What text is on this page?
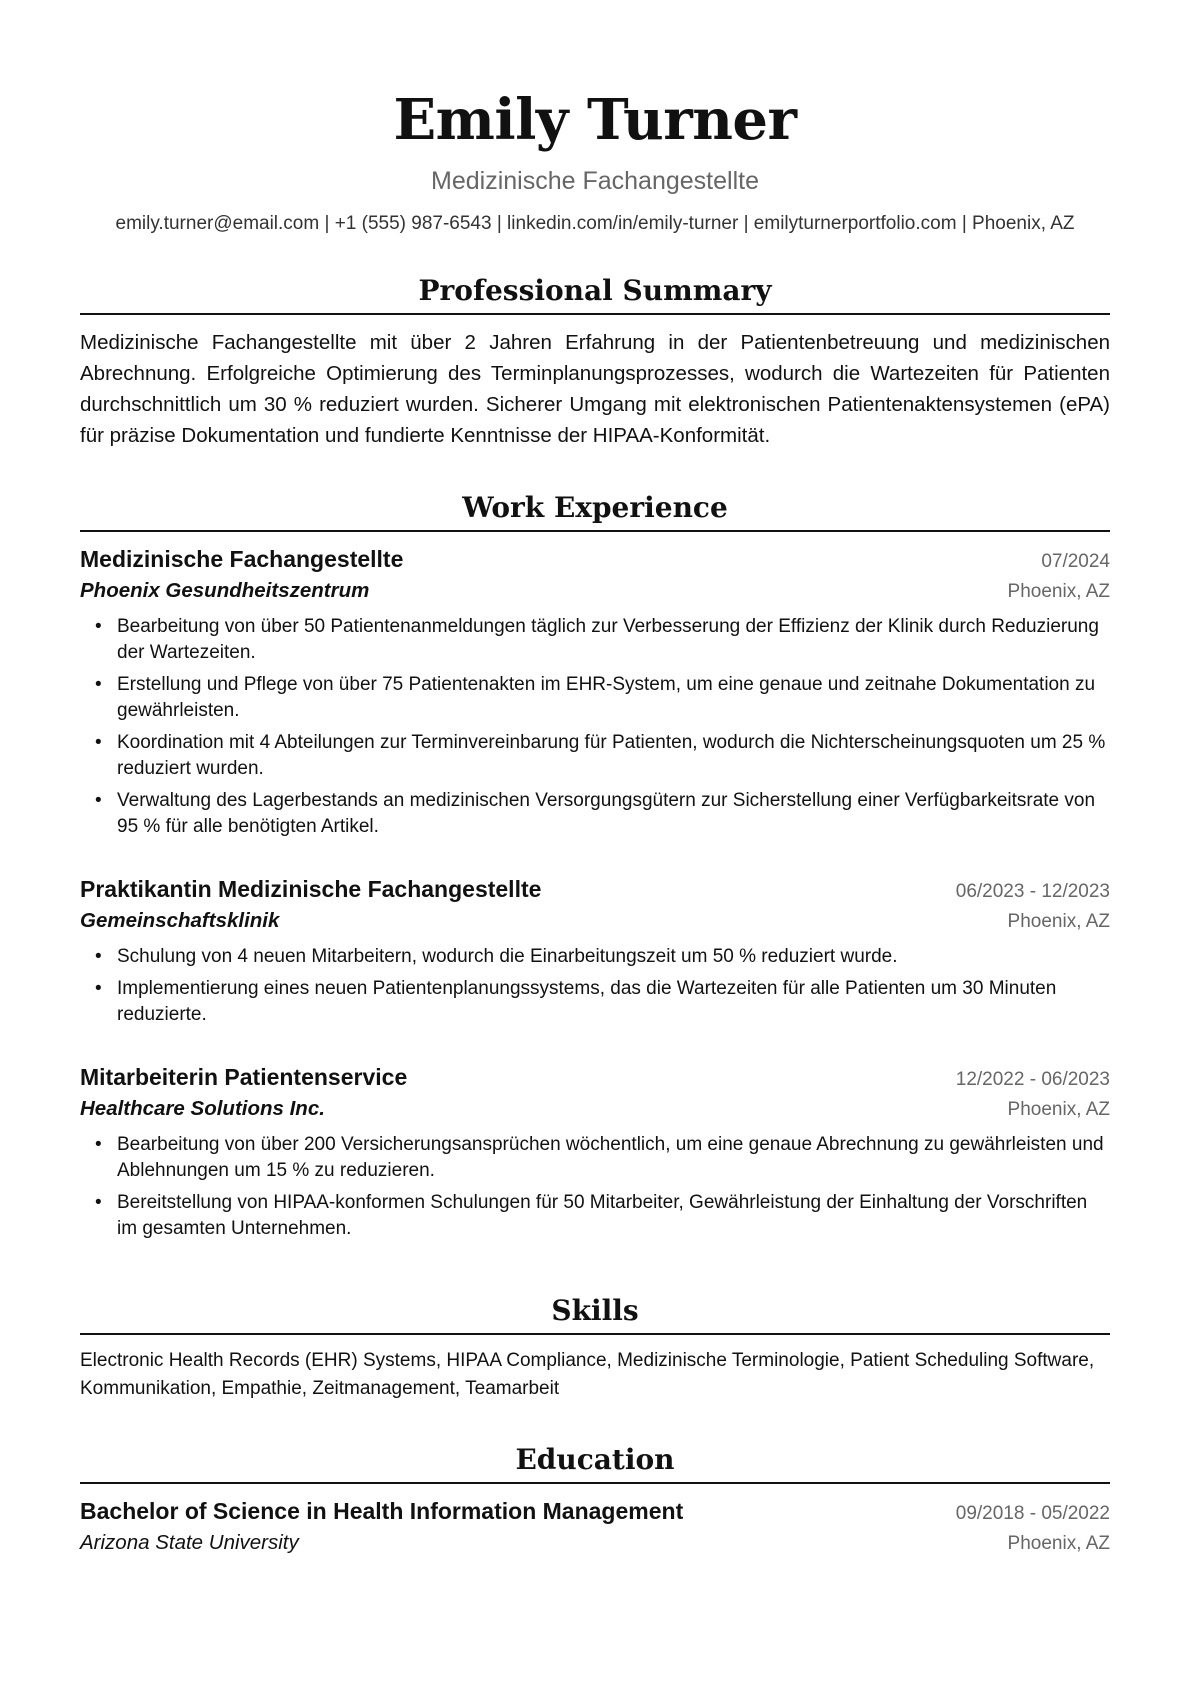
Emily Turner
Medizinische Fachangestellte
emily.turner@email.com | +1 (555) 987-6543 | linkedin.com/in/emily-turner | emilyturnerportfolio.com | Phoenix, AZ
Professional Summary
Medizinische Fachangestellte mit über 2 Jahren Erfahrung in der Patientenbetreuung und medizinischen Abrechnung. Erfolgreiche Optimierung des Terminplanungsprozesses, wodurch die Wartezeiten für Patienten durchschnittlich um 30 % reduziert wurden. Sicherer Umgang mit elektronischen Patientenaktensystemen (ePA) für präzise Dokumentation und fundierte Kenntnisse der HIPAA-Konformität.
Work Experience
Medizinische Fachangestellte	07/2024
Phoenix Gesundheitszentrum	Phoenix, AZ
• Bearbeitung von über 50 Patientenanmeldungen täglich zur Verbesserung der Effizienz der Klinik durch Reduzierung der Wartezeiten.
• Erstellung und Pflege von über 75 Patientenakten im EHR-System, um eine genaue und zeitnahe Dokumentation zu gewährleisten.
• Koordination mit 4 Abteilungen zur Terminvereinbarung für Patienten, wodurch die Nichterscheinungsquoten um 25 % reduziert wurden.
• Verwaltung des Lagerbestands an medizinischen Versorgungsgütern zur Sicherstellung einer Verfügbarkeitsrate von 95 % für alle benötigten Artikel.
Praktikantin Medizinische Fachangestellte	06/2023 - 12/2023
Gemeinschaftsklinik	Phoenix, AZ
• Schulung von 4 neuen Mitarbeitern, wodurch die Einarbeitungszeit um 50 % reduziert wurde.
• Implementierung eines neuen Patientenplanungssystems, das die Wartezeiten für alle Patienten um 30 Minuten reduzierte.
Mitarbeiterin Patientenservice	12/2022 - 06/2023
Healthcare Solutions Inc.	Phoenix, AZ
• Bearbeitung von über 200 Versicherungsansprüchen wöchentlich, um eine genaue Abrechnung zu gewährleisten und Ablehnungen um 15 % zu reduzieren.
• Bereitstellung von HIPAA-konformen Schulungen für 50 Mitarbeiter, Gewährleistung der Einhaltung der Vorschriften im gesamten Unternehmen.
Skills
Electronic Health Records (EHR) Systems, HIPAA Compliance, Medizinische Terminologie, Patient Scheduling Software, Kommunikation, Empathie, Zeitmanagement, Teamarbeit
Education
Bachelor of Science in Health Information Management	09/2018 - 05/2022
Arizona State University	Phoenix, AZ
